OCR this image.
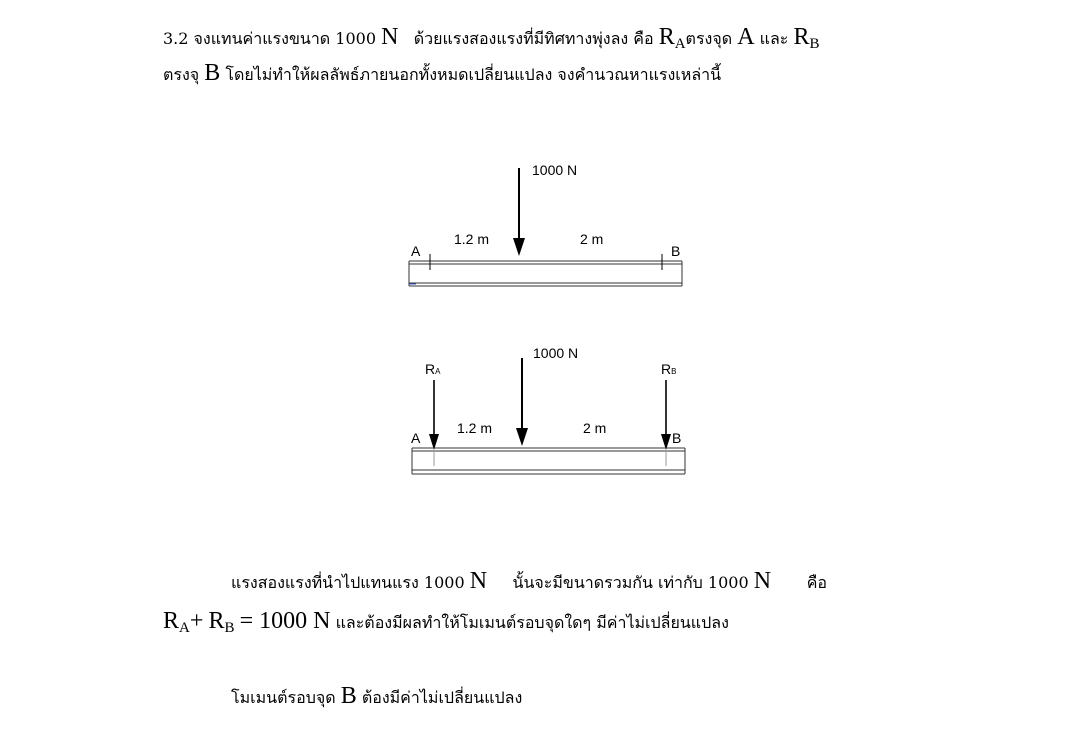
3.2 จงแทนค่าแรงขนาด 1000 N ด้วยแรงสองแรงที่มีทิศทางพุ่งลง คือ RAตรงจุด A และ RB
ตรงจุ B โดยไม่ทำให้ผลลัพธ์ภายนอกทั้งหมดเปลี่ยนแปลง จงคำนวณหาแรงเหล่านี้
1000 N
1.2 m	2 m
A	B
1000 N
RA	RB
1.2 m	2 m
A	B
แรงสองแรงที่นำไปแทนแรง 1000 N นั้นจะมีขนาดรวมกัน เท่ากับ 1000 N คือ
RA+ RB = 1000 N และต้องมีผลทำให้โมเมนต์รอบจุดใดๆ มีค่าไม่เปลี่ยนแปลง
โมเมนต์รอบจุด B ต้องมีค่าไม่เปลี่ยนแปลง
